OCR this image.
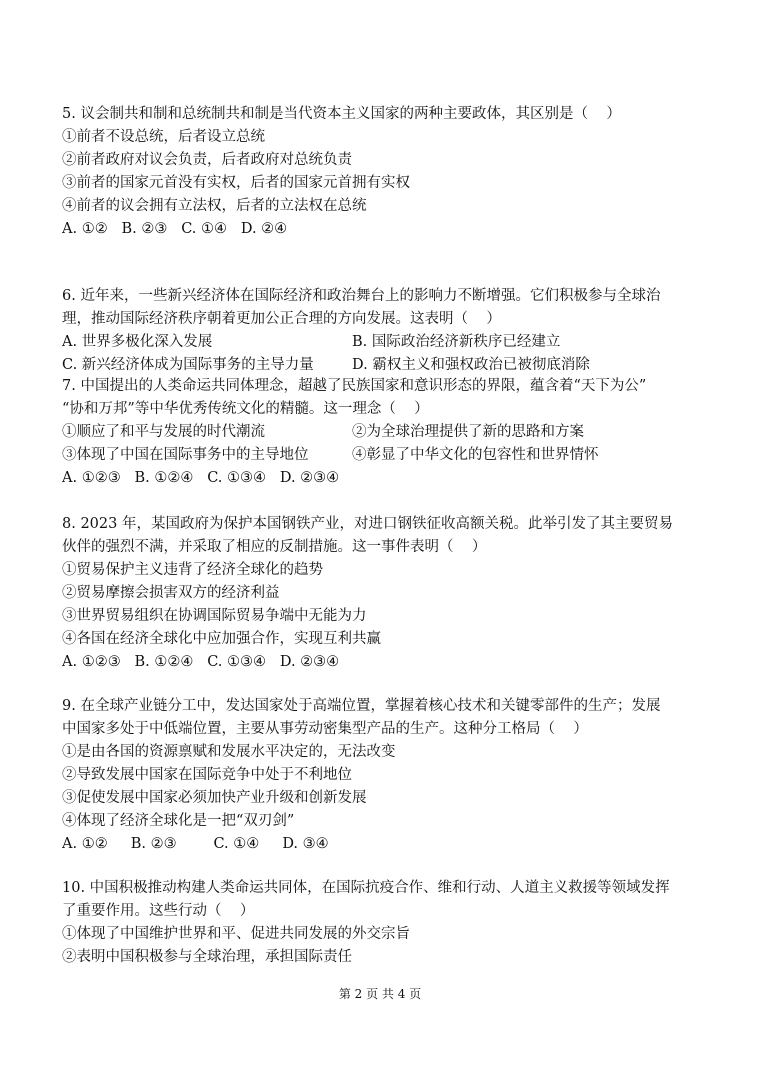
5. 议会制共和制和总统制共和制是当代资本主义国家的两种主要政体，其区别是（    ）
①前者不设总统，后者设立总统
②前者政府对议会负责，后者政府对总统负责
③前者的国家元首没有实权，后者的国家元首拥有实权
④前者的议会拥有立法权，后者的立法权在总统
A. ①②   B. ②③   C. ①④   D. ②④
6. 近年来，一些新兴经济体在国际经济和政治舞台上的影响力不断增强。它们积极参与全球治
理，推动国际经济秩序朝着更加公正合理的方向发展。这表明（    ）
A. 世界多极化深入发展	B. 国际政治经济新秩序已经建立
C. 新兴经济体成为国际事务的主导力量	D. 霸权主义和强权政治已被彻底消除
7. 中国提出的人类命运共同体理念，超越了民族国家和意识形态的界限，蕴含着“天下为公”
“协和万邦”等中华优秀传统文化的精髓。这一理念（    ）
①顺应了和平与发展的时代潮流	②为全球治理提供了新的思路和方案
③体现了中国在国际事务中的主导地位	④彰显了中华文化的包容性和世界情怀
A. ①②③   B. ①②④   C. ①③④   D. ②③④
8. 2023 年，某国政府为保护本国钢铁产业，对进口钢铁征收高额关税。此举引发了其主要贸易
伙伴的强烈不满，并采取了相应的反制措施。这一事件表明（    ）
①贸易保护主义违背了经济全球化的趋势
②贸易摩擦会损害双方的经济利益
③世界贸易组织在协调国际贸易争端中无能为力
④各国在经济全球化中应加强合作，实现互利共赢
A. ①②③   B. ①②④   C. ①③④   D. ②③④
9. 在全球产业链分工中，发达国家处于高端位置，掌握着核心技术和关键零部件的生产；发展
中国家多处于中低端位置，主要从事劳动密集型产品的生产。这种分工格局（    ）
①是由各国的资源禀赋和发展水平决定的，无法改变
②导致发展中国家在国际竞争中处于不利地位
③促使发展中国家必须加快产业升级和创新发展
④体现了经济全球化是一把“双刃剑”
A. ①②     B. ②③        C. ①④     D. ③④
10. 中国积极推动构建人类命运共同体，在国际抗疫合作、维和行动、人道主义救援等领域发挥
了重要作用。这些行动（    ）
①体现了中国维护世界和平、促进共同发展的外交宗旨
②表明中国积极参与全球治理，承担国际责任
第 2 页 共 4 页
